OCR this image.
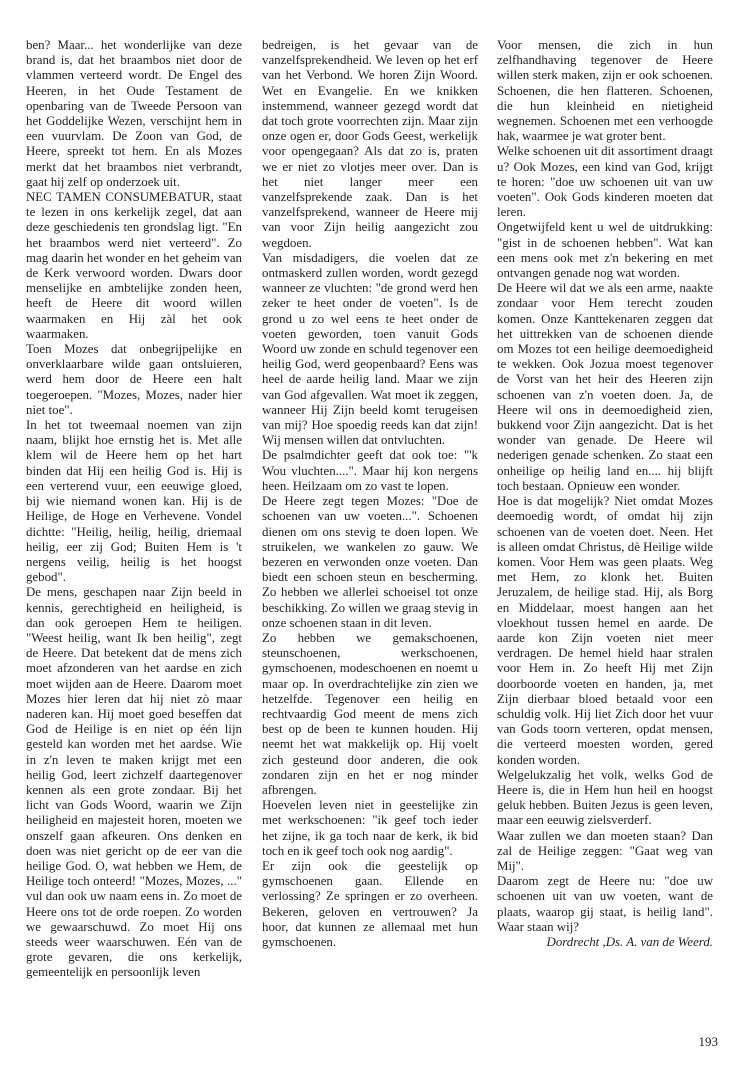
ben? Maar... het wonderlijke van deze brand is, dat het braambos niet door de vlammen verteerd wordt. De Engel des Heeren, in het Oude Testament de openbaring van de Tweede Persoon van het Goddelijke Wezen, verschijnt hem in een vuurvlam. De Zoon van God, de Heere, spreekt tot hem. En als Mozes merkt dat het braambos niet verbrandt, gaat hij zelf op onderzoek uit.

NEC TAMEN CONSUMEBATUR, staat te lezen in ons kerkelijk zegel, dat aan deze geschiedenis ten grondslag ligt. "En het braambos werd niet verteerd". Zo mag daarin het wonder en het geheim van de Kerk verwoord worden. Dwars door menselijke en ambtelijke zonden heen, heeft de Heere dit woord willen waarmaken en Hij zàl het ook waarmaken.

Toen Mozes dat onbegrijpelijke en onverklaarbare wilde gaan ontsluieren, werd hem door de Heere een halt toegeroepen. "Mozes, Mozes, nader hier niet toe".

In het tot tweemaal noemen van zijn naam, blijkt hoe ernstig het is. Met alle klem wil de Heere hem op het hart binden dat Hij een heilig God is. Hij is een verterend vuur, een eeuwige gloed, bij wie niemand wonen kan. Hij is de Heilige, de Hoge en Verhevene. Vondel dichtte: "Heilig, heilig, heilig, driemaal heilig, eer zij God; Buiten Hem is 't nergens veilig, heilig is het hoogst gebod".

De mens, geschapen naar Zijn beeld in kennis, gerechtigheid en heiligheid, is dan ook geroepen Hem te heiligen. "Weest heilig, want Ik ben heilig", zegt de Heere. Dat betekent dat de mens zich moet afzonderen van het aardse en zich moet wijden aan de Heere. Daarom moet Mozes hier leren dat hij niet zò maar naderen kan. Hij moet goed beseffen dat God de Heilige is en niet op één lijn gesteld kan worden met het aardse. Wie in z'n leven te maken krijgt met een heilig God, leert zichzelf daartegenover kennen als een grote zondaar. Bij het licht van Gods Woord, waarin we Zijn heiligheid en majesteit horen, moeten we onszelf gaan afkeuren. Ons denken en doen was niet gericht op de eer van die heilige God. O, wat hebben we Hem, de Heilige toch onteerd! "Mozes, Mozes, ..." vul dan ook uw naam eens in. Zo moet de Heere ons tot de orde roepen. Zo worden we gewaarschuwd. Zo moet Hij ons steeds weer waarschuwen. Eén van de grote gevaren, die ons kerkelijk, gemeentelijk en persoonlijk leven

bedreigen, is het gevaar van de vanzelfsprekendheid. We leven op het erf van het Verbond. We horen Zijn Woord. Wet en Evangelie. En we knikken instemmend, wanneer gezegd wordt dat dat toch grote voorrechten zijn. Maar zijn onze ogen er, door Gods Geest, werkelijk voor opengegaan? Als dat zo is, praten we er niet zo vlotjes meer over. Dan is het niet langer meer een vanzelfsprekende zaak. Dan is het vanzelfsprekend, wanneer de Heere mij van voor Zijn heilig aangezicht zou wegdoen.

Van misdadigers, die voelen dat ze ontmaskerd zullen worden, wordt gezegd wanneer ze vluchten: "de grond werd hen zeker te heet onder de voeten". Is de grond u zo wel eens te heet onder de voeten geworden, toen vanuit Gods Woord uw zonde en schuld tegenover een heilig God, werd geopenbaard? Eens was heel de aarde heilig land. Maar we zijn van God afgevallen. Wat moet ik zeggen, wanneer Hij Zijn beeld komt terugeisen van mij? Hoe spoedig reeds kan dat zijn! Wij mensen willen dat ontvluchten.

De psalmdichter geeft dat ook toe: "'k Wou vluchten....". Maar hij kon nergens heen. Heilzaam om zo vast te lopen.

De Heere zegt tegen Mozes: "Doe de schoenen van uw voeten...". Schoenen dienen om ons stevig te doen lopen. We struikelen, we wankelen zo gauw. We bezeren en verwonden onze voeten. Dan biedt een schoen steun en bescherming. Zo hebben we allerlei schoeisel tot onze beschikking. Zo willen we graag stevig in onze schoenen staan in dit leven.

Zo hebben we gemakschoenen, steunschoenen, werkschoenen, gymschoenen, modeschoenen en noemt u maar op. In overdrachtelijke zin zien we hetzelfde. Tegenover een heilig en rechtvaardig God meent de mens zich best op de been te kunnen houden. Hij neemt het wat makkelijk op. Hij voelt zich gesteund door anderen, die ook zondaren zijn en het er nog minder afbrengen.

Hoevelen leven niet in geestelijke zin met werkschoenen: "ik geef toch ieder het zijne, ik ga toch naar de kerk, ik bid toch en ik geef toch ook nog aardig".

Er zijn ook die geestelijk op gymschoenen gaan. Ellende en verlossing? Ze springen er zo overheen. Bekeren, geloven en vertrouwen? Ja hoor, dat kunnen ze allemaal met hun gymschoenen.

Voor mensen, die zich in hun zelfhandhaving tegenover de Heere willen sterk maken, zijn er ook schoenen. Schoenen, die hen flatteren. Schoenen, die hun kleinheid en nietigheid wegnemen. Schoenen met een verhoogde hak, waarmee je wat groter bent.

Welke schoenen uit dit assortiment draagt u? Ook Mozes, een kind van God, krijgt te horen: "doe uw schoenen uit van uw voeten". Ook Gods kinderen moeten dat leren.

Ongetwijfeld kent u wel de uitdrukking: "gist in de schoenen hebben". Wat kan een mens ook met z'n bekering en met ontvangen genade nog wat worden.

De Heere wil dat we als een arme, naakte zondaar voor Hem terecht zouden komen. Onze Kanttekenaren zeggen dat het uittrekken van de schoenen diende om Mozes tot een heilige deemoedigheid te wekken. Ook Jozua moest tegenover de Vorst van het heir des Heeren zijn schoenen van z'n voeten doen. Ja, de Heere wil ons in deemoedigheid zien, bukkend voor Zijn aangezicht. Dat is het wonder van genade. De Heere wil nederigen genade schenken. Zo staat een onheilige op heilig land en.... hij blijft toch bestaan. Opnieuw een wonder.

Hoe is dat mogelijk? Niet omdat Mozes deemoedig wordt, of omdat hij zijn schoenen van de voeten doet. Neen. Het is alleen omdat Christus, dè Heilige wilde komen. Voor Hem was geen plaats. Weg met Hem, zo klonk het. Buiten Jeruzalem, de heilige stad. Hij, als Borg en Middelaar, moest hangen aan het vloekhout tussen hemel en aarde. De aarde kon Zijn voeten niet meer verdragen. De hemel hield haar stralen voor Hem in. Zo heeft Hij met Zijn doorboorde voeten en handen, ja, met Zijn dierbaar bloed betaald voor een schuldig volk. Hij liet Zich door het vuur van Gods toorn verteren, opdat mensen, die verteerd moesten worden, gered konden worden.

Welgelukzalig het volk, welks God de Heere is, die in Hem hun heil en hoogst geluk hebben. Buiten Jezus is geen leven, maar een eeuwig zielsverderf.

Waar zullen we dan moeten staan? Dan zal de Heilige zeggen: "Gaat weg van Mij".

Daarom zegt de Heere nu: "doe uw schoenen uit van uw voeten, want de plaats, waarop gij staat, is heilig land". Waar staan wij?

Dordrecht ,Ds. A. van de Weerd.

193
